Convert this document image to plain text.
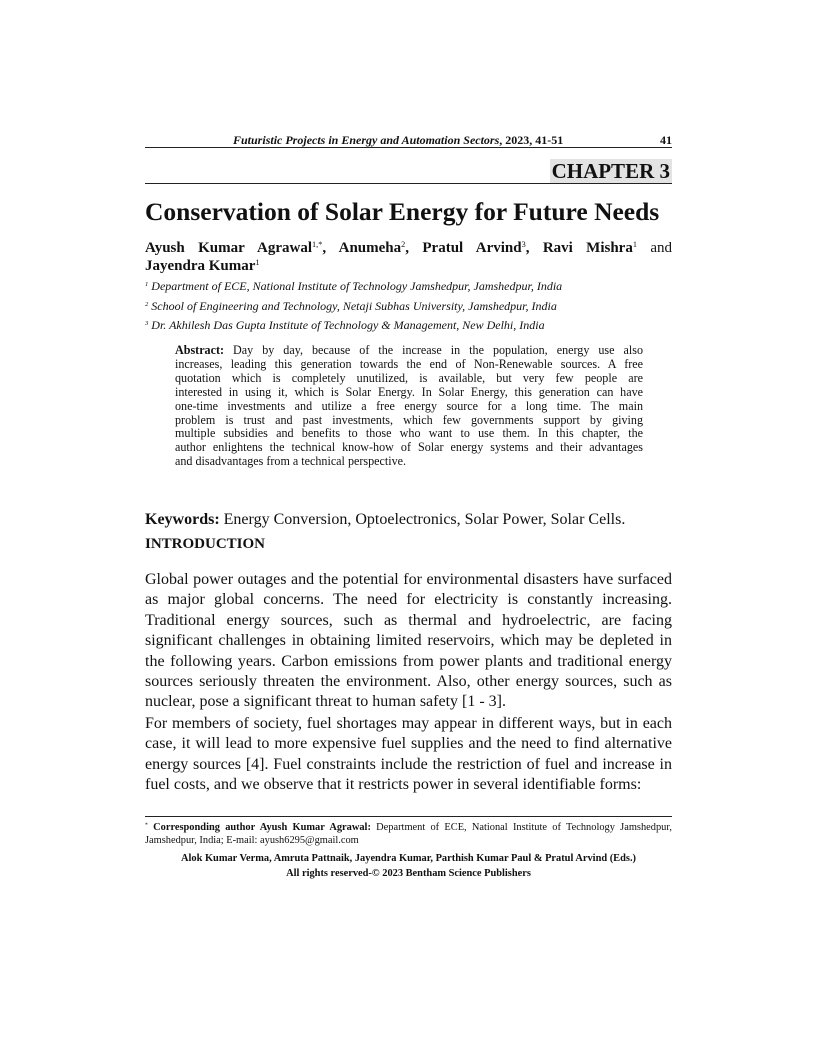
Futuristic Projects in Energy and Automation Sectors, 2023, 41-51	41
CHAPTER 3
Conservation of Solar Energy for Future Needs
Ayush Kumar Agrawal$^{1,*}$, Anumeha$^2$, Pratul Arvind$^3$, Ravi Mishra$^1$ and
Jayendra Kumar$^1$
$^1$ Department of ECE, National Institute of Technology Jamshedpur, Jamshedpur, India
$^2$ School of Engineering and Technology, Netaji Subhas University, Jamshedpur, India
$^3$ Dr. Akhilesh Das Gupta Institute of Technology & Management, New Delhi, India
Abstract: Day by day, because of the increase in the population, energy use also
increases, leading this generation towards the end of Non-Renewable sources. A free
quotation which is completely unutilized, is available, but very few people are
interested in using it, which is Solar Energy. In Solar Energy, this generation can have
one-time investments and utilize a free energy source for a long time. The main
problem is trust and past investments, which few governments support by giving
multiple subsidies and benefits to those who want to use them. In this chapter, the
author enlightens the technical know-how of Solar energy systems and their advantages
and disadvantages from a technical perspective.
Keywords: Energy Conversion, Optoelectronics, Solar Power, Solar Cells.
INTRODUCTION
Global power outages and the potential for environmental disasters have surfaced
as major global concerns. The need for electricity is constantly increasing.
Traditional energy sources, such as thermal and hydroelectric, are facing
significant challenges in obtaining limited reservoirs, which may be depleted in
the following years. Carbon emissions from power plants and traditional energy
sources seriously threaten the environment. Also, other energy sources, such as
nuclear, pose a significant threat to human safety [1 - 3].
For members of society, fuel shortages may appear in different ways, but in each
case, it will lead to more expensive fuel supplies and the need to find alternative
energy sources [4]. Fuel constraints include the restriction of fuel and increase in
fuel costs, and we observe that it restricts power in several identifiable forms:
* Corresponding author Ayush Kumar Agrawal: Department of ECE, National Institute of Technology Jamshedpur,
Jamshedpur, India; E-mail: ayush6295@gmail.com
Alok Kumar Verma, Amruta Pattnaik, Jayendra Kumar, Parthish Kumar Paul & Pratul Arvind (Eds.)
All rights reserved-© 2023 Bentham Science Publishers
